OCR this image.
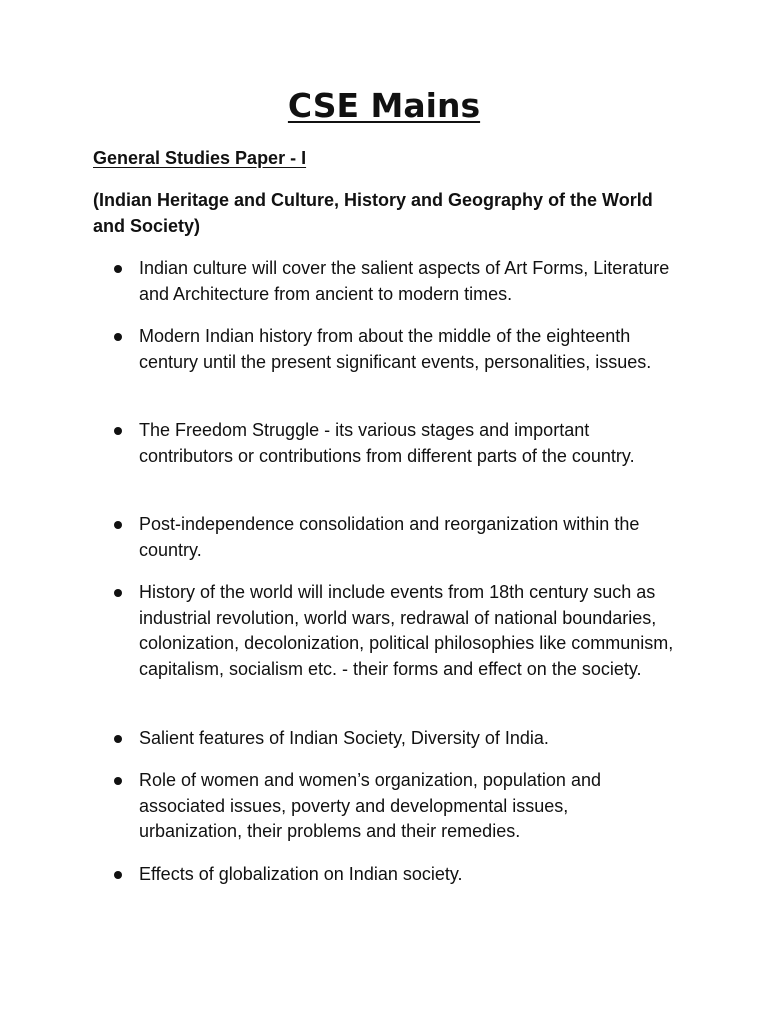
CSE Mains

General Studies Paper - I

(Indian Heritage and Culture, History and Geography of the World and Society)

Indian culture will cover the salient aspects of Art Forms, Literature and Architecture from ancient to modern times.
Modern Indian history from about the middle of the eighteenth century until the present significant events, personalities, issues.
The Freedom Struggle - its various stages and important contributors or contributions from different parts of the country.
Post-independence consolidation and reorganization within the country.
History of the world will include events from 18th century such as industrial revolution, world wars, redrawal of national boundaries, colonization, decolonization, political philosophies like communism, capitalism, socialism etc. - their forms and effect on the society.
Salient features of Indian Society, Diversity of India.
Role of women and women’s organization, population and associated issues, poverty and developmental issues, urbanization, their problems and their remedies.
Effects of globalization on Indian society.
